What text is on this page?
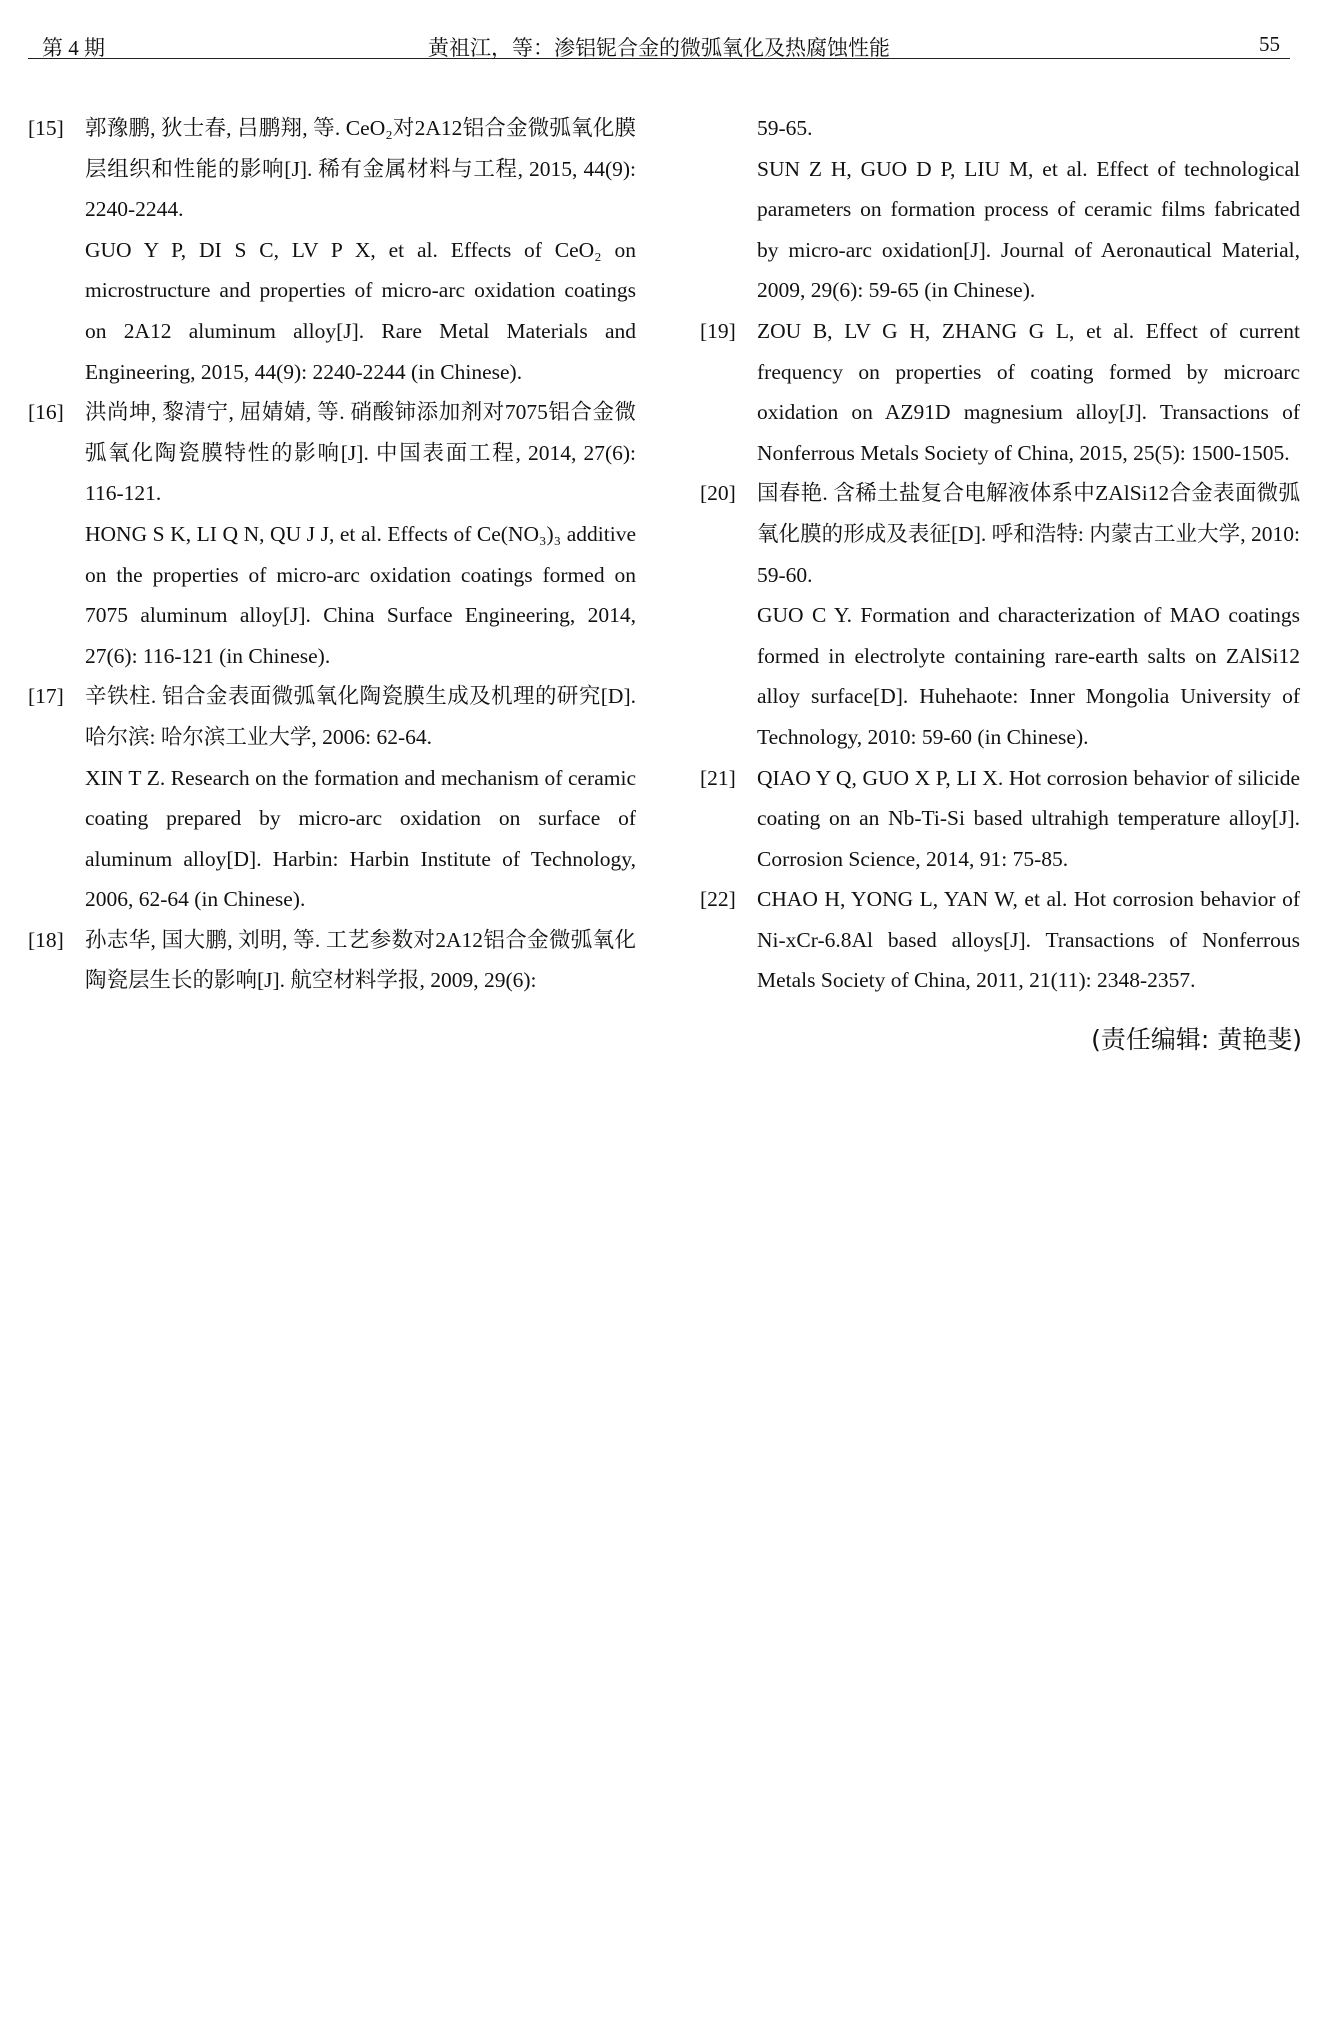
第 4 期	黄祖江，等：渗铝铌合金的微弧氧化及热腐蚀性能	55
[15] 郭豫鹏, 狄士春, 吕鹏翔, 等. CeO₂对2A12铝合金微弧氧化膜层组织和性能的影响[J]. 稀有金属材料与工程, 2015, 44(9): 2240-2244.

GUO Y P, DI S C, LV P X, et al. Effects of CeO₂ on microstructure and properties of micro-arc oxidation coatings on 2A12 aluminum alloy[J]. Rare Metal Materials and Engineering, 2015, 44(9): 2240-2244 (in Chinese).

[16] 洪尚坤, 黎清宁, 屈婧婧, 等. 硝酸铈添加剂对7075铝合金微弧氧化陶瓷膜特性的影响[J]. 中国表面工程, 2014, 27(6): 116-121.

HONG S K, LI Q N, QU J J, et al. Effects of Ce(NO₃)₃ additive on the properties of micro-arc oxidation coatings formed on 7075 aluminum alloy[J]. China Surface Engineering, 2014, 27(6): 116-121 (in Chinese).

[17] 辛铁柱. 铝合金表面微弧氧化陶瓷膜生成及机理的研究[D]. 哈尔滨: 哈尔滨工业大学, 2006: 62-64.

XIN T Z. Research on the formation and mechanism of ceramic coating prepared by micro-arc oxidation on surface of aluminum alloy[D]. Harbin: Harbin Institute of Technology, 2006, 62-64 (in Chinese).

[18] 孙志华, 国大鹏, 刘明, 等. 工艺参数对2A12铝合金微弧氧化陶瓷层生长的影响[J]. 航空材料学报, 2009, 29(6):

59-65.

SUN Z H, GUO D P, LIU M, et al. Effect of technological parameters on formation process of ceramic films fabricated by micro-arc oxidation[J]. Journal of Aeronautical Material, 2009, 29(6): 59-65 (in Chinese).

[19] ZOU B, LV G H, ZHANG G L, et al. Effect of current frequency on properties of coating formed by microarc oxidation on AZ91D magnesium alloy[J]. Transactions of Nonferrous Metals Society of China, 2015, 25(5): 1500-1505.

[20] 国春艳. 含稀土盐复合电解液体系中ZAlSi12合金表面微弧氧化膜的形成及表征[D]. 呼和浩特: 内蒙古工业大学, 2010: 59-60.

GUO C Y. Formation and characterization of MAO coatings formed in electrolyte containing rare-earth salts on ZAlSi12 alloy surface[D]. Huhehaote: Inner Mongolia University of Technology, 2010: 59-60 (in Chinese).

[21] QIAO Y Q, GUO X P, LI X. Hot corrosion behavior of silicide coating on an Nb-Ti-Si based ultrahigh temperature alloy[J]. Corrosion Science, 2014, 91: 75-85.

[22] CHAO H, YONG L, YAN W, et al. Hot corrosion behavior of Ni-xCr-6.8Al based alloys[J]. Transactions of Nonferrous Metals Society of China, 2011, 21(11): 2348-2357.

(责任编辑: 黄艳斐)
